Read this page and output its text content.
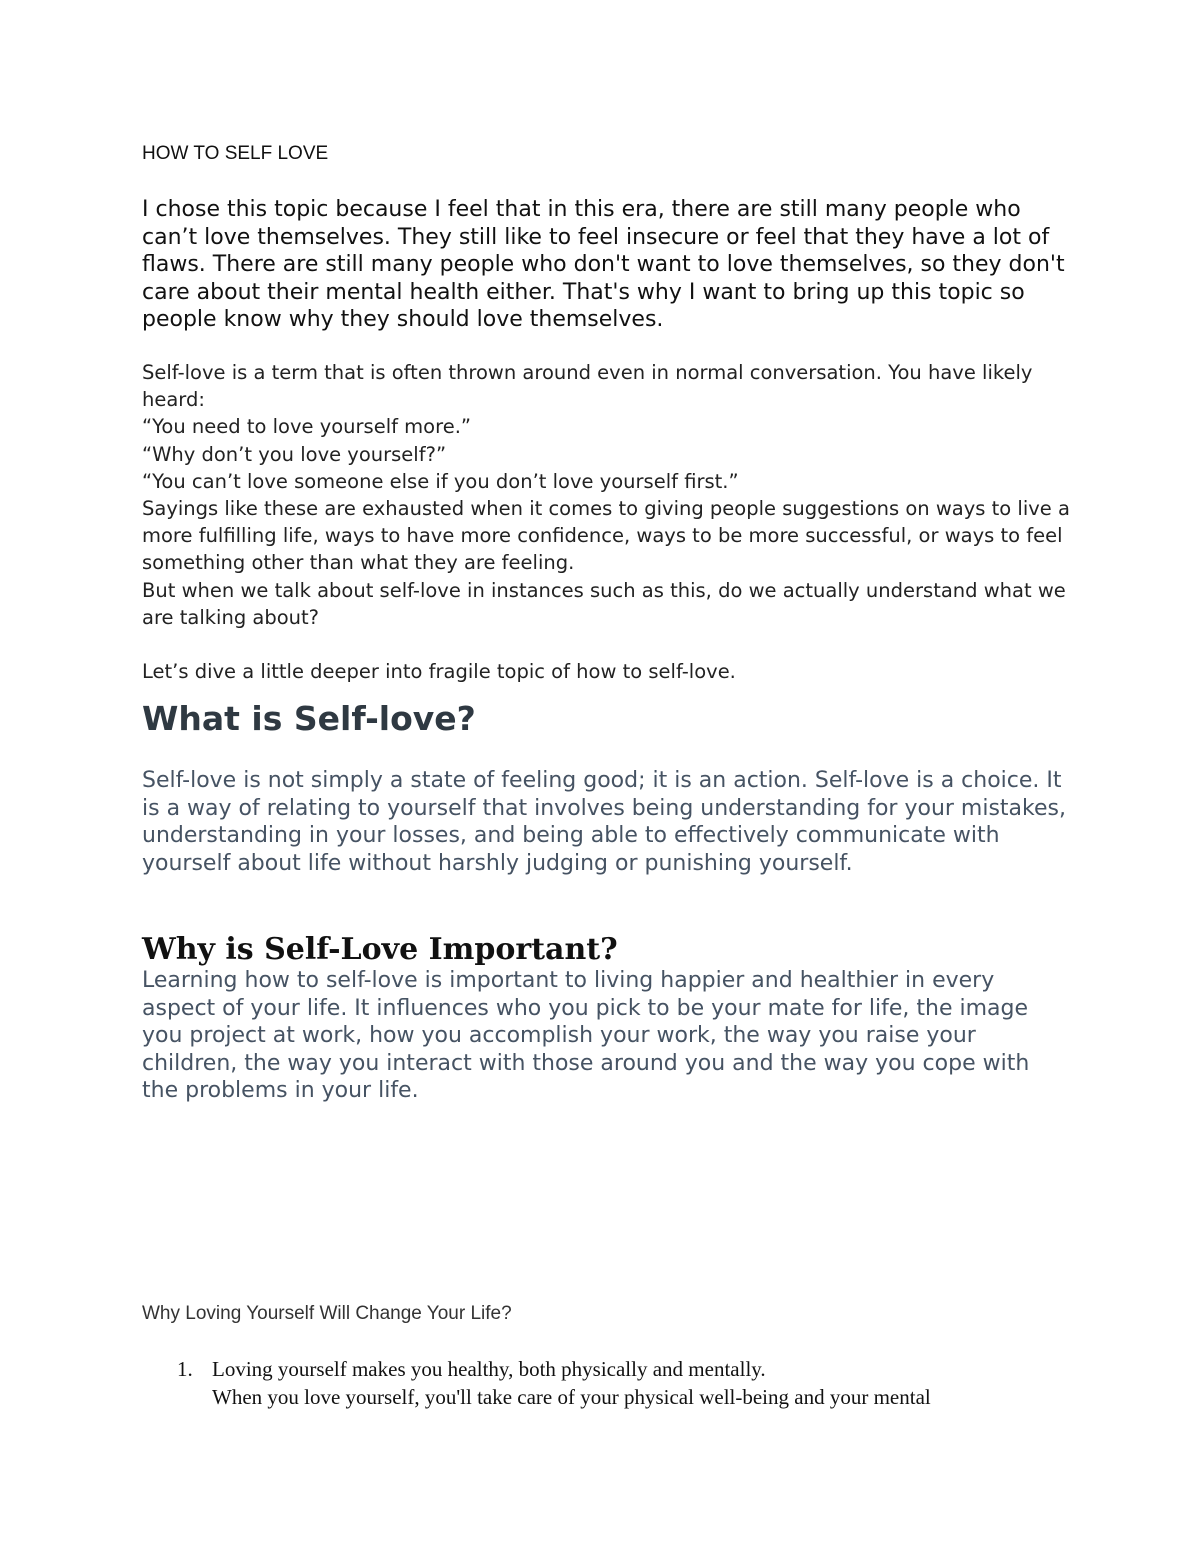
HOW TO SELF LOVE

I chose this topic because I feel that in this era, there are still many people who can’t love themselves. They still like to feel insecure or feel that they have a lot of flaws. There are still many people who don't want to love themselves, so they don't care about their mental health either. That's why I want to bring up this topic so people know why they should love themselves.

Self-love is a term that is often thrown around even in normal conversation. You have likely heard:

“You need to love yourself more.”

“Why don’t you love yourself?”

“You can’t love someone else if you don’t love yourself first.”

Sayings like these are exhausted when it comes to giving people suggestions on ways to live a more fulfilling life, ways to have more confidence, ways to be more successful, or ways to feel something other than what they are feeling.

But when we talk about self-love in instances such as this, do we actually understand what we are talking about?

Let’s dive a little deeper into fragile topic of how to self-love.

What is Self-love?

Self-love is not simply a state of feeling good; it is an action. Self-love is a choice. It is a way of relating to yourself that involves being understanding for your mistakes, understanding in your losses, and being able to effectively communicate with yourself about life without harshly judging or punishing yourself.

Why is Self-Love Important?

Learning how to self-love is important to living happier and healthier in every aspect of your life. It influences who you pick to be your mate for life, the image you project at work, how you accomplish your work, the way you raise your children, the way you interact with those around you and the way you cope with the problems in your life.

Why Loving Yourself Will Change Your Life?

1. Loving yourself makes you healthy, both physically and mentally.
When you love yourself, you'll take care of your physical well-being and your mental
